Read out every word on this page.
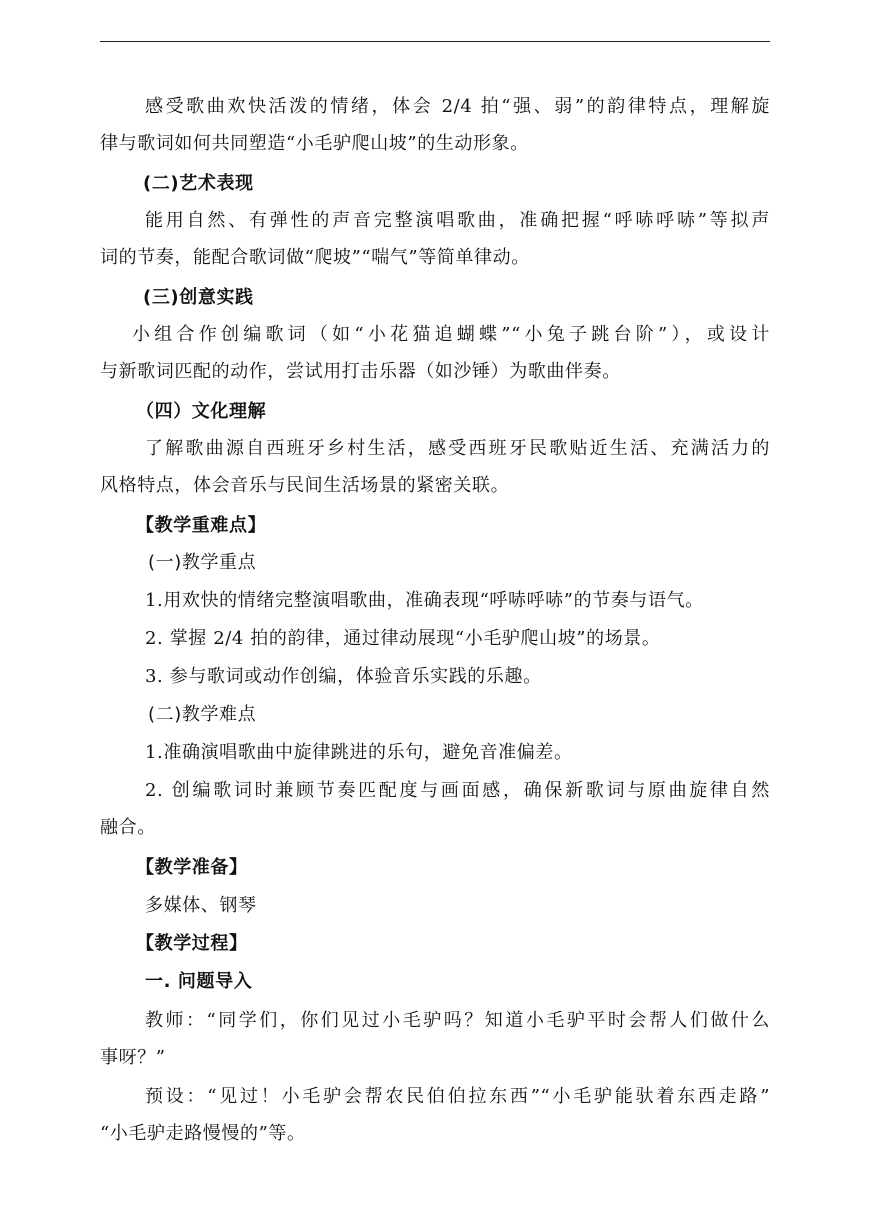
感受歌曲欢快活泼的情绪，体会 2/4 拍“强、弱”的韵律特点，理解旋
律与歌词如何共同塑造“小毛驴爬山坡”的生动形象。
(二)艺术表现
能用自然、有弹性的声音完整演唱歌曲，准确把握“呼哧呼哧”等拟声
词的节奏，能配合歌词做“爬坡”“喘气”等简单律动。
(三)创意实践
小组合作创编歌词（如“小花猫追蝴蝶”“小兔子跳台阶”），或设计
与新歌词匹配的动作，尝试用打击乐器（如沙锤）为歌曲伴奏。
（四）文化理解
了解歌曲源自西班牙乡村生活，感受西班牙民歌贴近生活、充满活力的
风格特点，体会音乐与民间生活场景的紧密关联。
【教学重难点】
(一)教学重点
1.用欢快的情绪完整演唱歌曲，准确表现“呼哧呼哧”的节奏与语气。
2. 掌握 2/4 拍的韵律，通过律动展现“小毛驴爬山坡”的场景。
3. 参与歌词或动作创编，体验音乐实践的乐趣。
(二)教学难点
1.准确演唱歌曲中旋律跳进的乐句，避免音准偏差。
2. 创编歌词时兼顾节奏匹配度与画面感，确保新歌词与原曲旋律自然
融合。
【教学准备】
多媒体、钢琴
【教学过程】
一. 问题导入
教师：“同学们，你们见过小毛驴吗？知道小毛驴平时会帮人们做什么
事呀？”
预设：“见过！小毛驴会帮农民伯伯拉东西”“小毛驴能驮着东西走路”
“小毛驴走路慢慢的”等。
